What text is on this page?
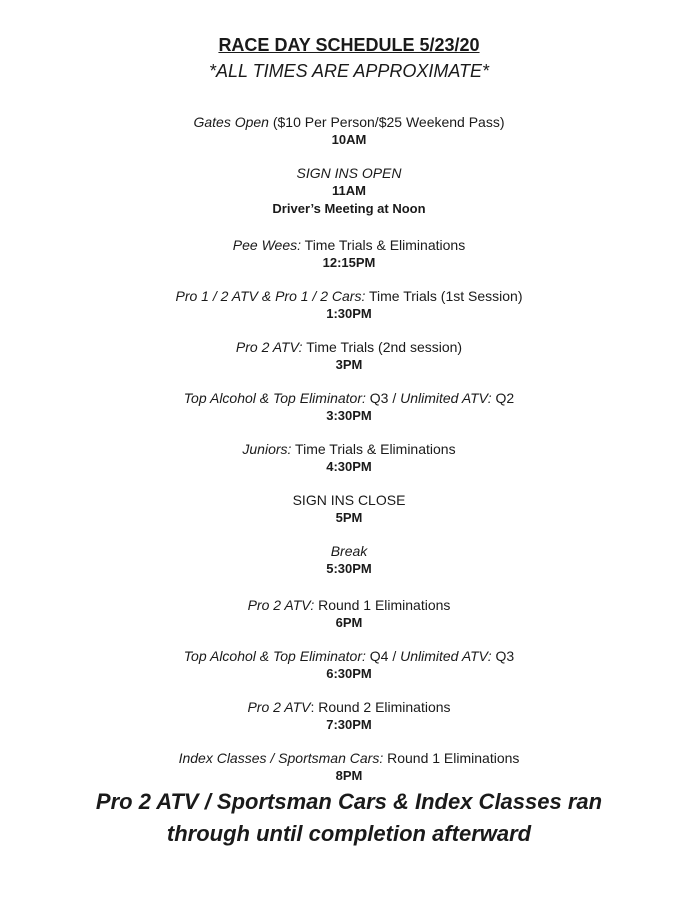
RACE DAY SCHEDULE 5/23/20
*ALL TIMES ARE APPROXIMATE*
Gates Open ($10 Per Person/$25 Weekend Pass)
10AM
SIGN INS OPEN
11AM
Driver’s Meeting at Noon
Pee Wees: Time Trials & Eliminations
12:15PM
Pro 1 / 2 ATV & Pro 1 / 2 Cars: Time Trials (1st Session)
1:30PM
Pro 2 ATV: Time Trials (2nd session)
3PM
Top Alcohol & Top Eliminator: Q3 / Unlimited ATV: Q2
3:30PM
Juniors: Time Trials & Eliminations
4:30PM
SIGN INS CLOSE
5PM
Break
5:30PM
Pro 2 ATV: Round 1 Eliminations
6PM
Top Alcohol & Top Eliminator: Q4 / Unlimited ATV: Q3
6:30PM
Pro 2 ATV: Round 2 Eliminations
7:30PM
Index Classes / Sportsman Cars: Round 1 Eliminations
8PM
Pro 2 ATV / Sportsman Cars & Index Classes ran
through until completion afterward
